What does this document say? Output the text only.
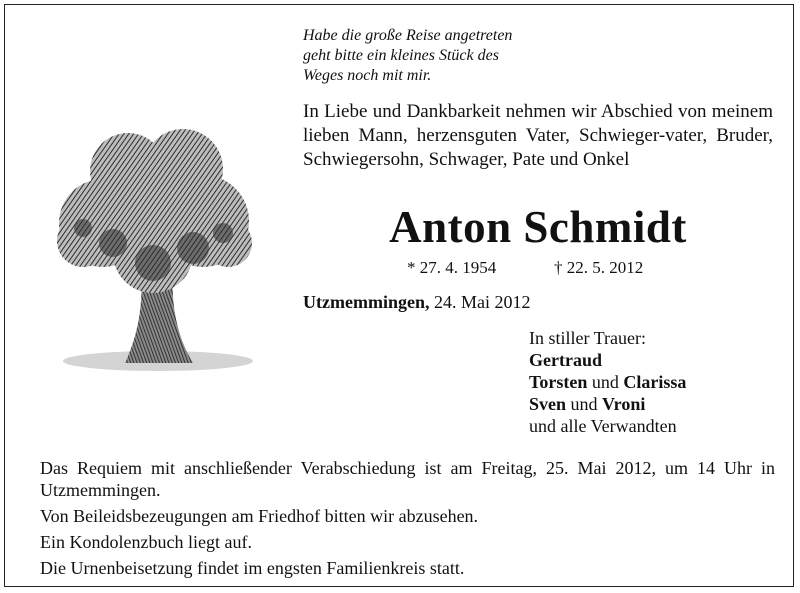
Habe die große Reise angetreten
geht bitte ein kleines Stück des
Weges noch mit mir.
In Liebe und Dankbarkeit nehmen wir Abschied von meinem lieben Mann, herzensguten Vater, Schwieger-vater, Bruder, Schwiegersohn, Schwager, Pate und Onkel
Anton Schmidt
* 27. 4. 1954	† 22. 5. 2012
Utzmemmingen, 24. Mai 2012
In stiller Trauer:
Gertraud
Torsten und Clarissa
Sven und Vroni
und alle Verwandten

Das Requiem mit anschließender Verabschiedung ist am Freitag, 25. Mai 2012, um 14 Uhr in Utzmemmingen.

Von Beileidsbezeugungen am Friedhof bitten wir abzusehen.

Ein Kondolenzbuch liegt auf.

Die Urnenbeisetzung findet im engsten Familienkreis statt.
